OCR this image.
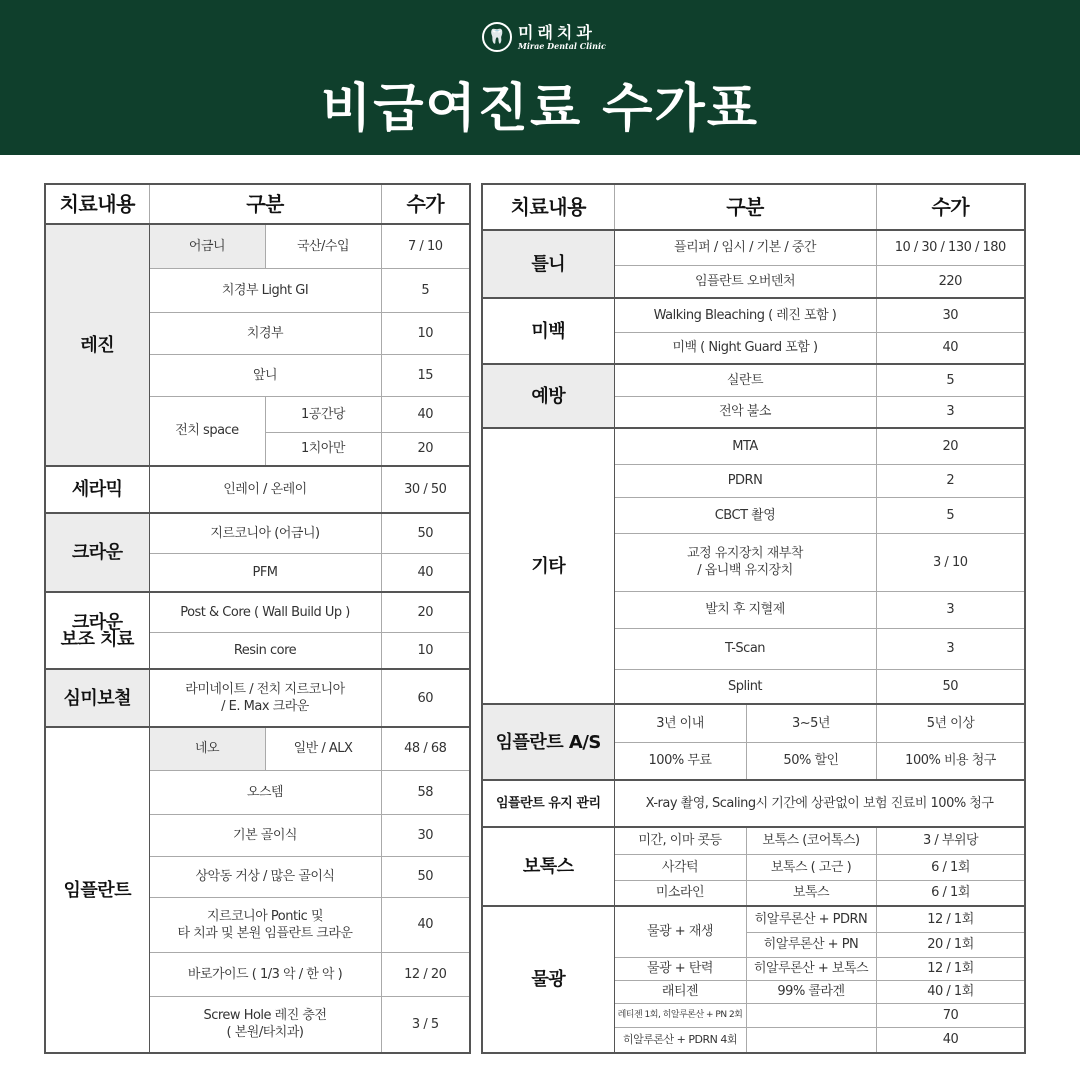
🦷 미래치과
Mirae Dental Clinic
비급여진료 수가표
치료내용	구분		수가
레진	어금니	국산/수입	7 / 10
	치경부 Light GI		5
	치경부		10
	앞니		15
	전치 space	1공간당	40
		1치아만	20
세라믹	인레이 / 온레이		30 / 50
크라운	지르코니아 (어금니)		50
	PFM		40

크라운
보조 치료	Post & Core ( Wall Build Up )		20
	Resin core		10
심미보철	라미네이트 / 전치 지르코니아
/ E. Max 크라운		60
임플란트	네오	일반 / ALX	48 / 68
	오스템		58
	기본 골이식		30
	상악동 거상 / 많은 골이식		50

	지르코니아 Pontic 및
타 치과 및 본원 임플란트 크라운		40
	바로가이드 ( 1/3 악 / 한 악 )		12 / 20

	Screw Hole 레진 충전
( 본원/타치과)		3 / 5
치료내용	구분		수가
틀니	플리퍼 / 임시 / 기본 / 중간		10 / 30 / 130 / 180
	임플란트 오버덴처		220
미백	Walking Bleaching ( 레진 포함 )		30
	미백 ( Night Guard 포함 )		40
예방	실란트		5
	전악 불소		3
기타	MTA		20
	PDRN		2
	CBCT 촬영		5

	교정 유지장치 재부착
/ 옵니백 유지장치		3 / 10
	발치 후 지혈제		3
	T-Scan		3
	Splint		50
임플란트 A/S	3년 이내	3~5년	5년 이상
	100% 무료	50% 할인	100% 비용 청구
임플란트 유지 관리	X-ray 촬영, Scaling시 기간에 상관없이 보험 진료비 100% 청구		
보톡스	미간, 이마 콧등	보톡스 (코어톡스)	3 / 부위당
	사각턱	보톡스 ( 고근 )	6 / 1회
	미소라인	보톡스	6 / 1회
물광	물광 + 재생	히알루론산 + PDRN	12 / 1회
		히알루론산 + PN	20 / 1회
	물광 + 탄력	히알루론산 + 보톡스	12 / 1회
	래티젠	99% 콜라겐	40 / 1회
	레티젠 1회, 히알루론산 + PN 2회		70
	히알루론산 + PDRN 4회		40
